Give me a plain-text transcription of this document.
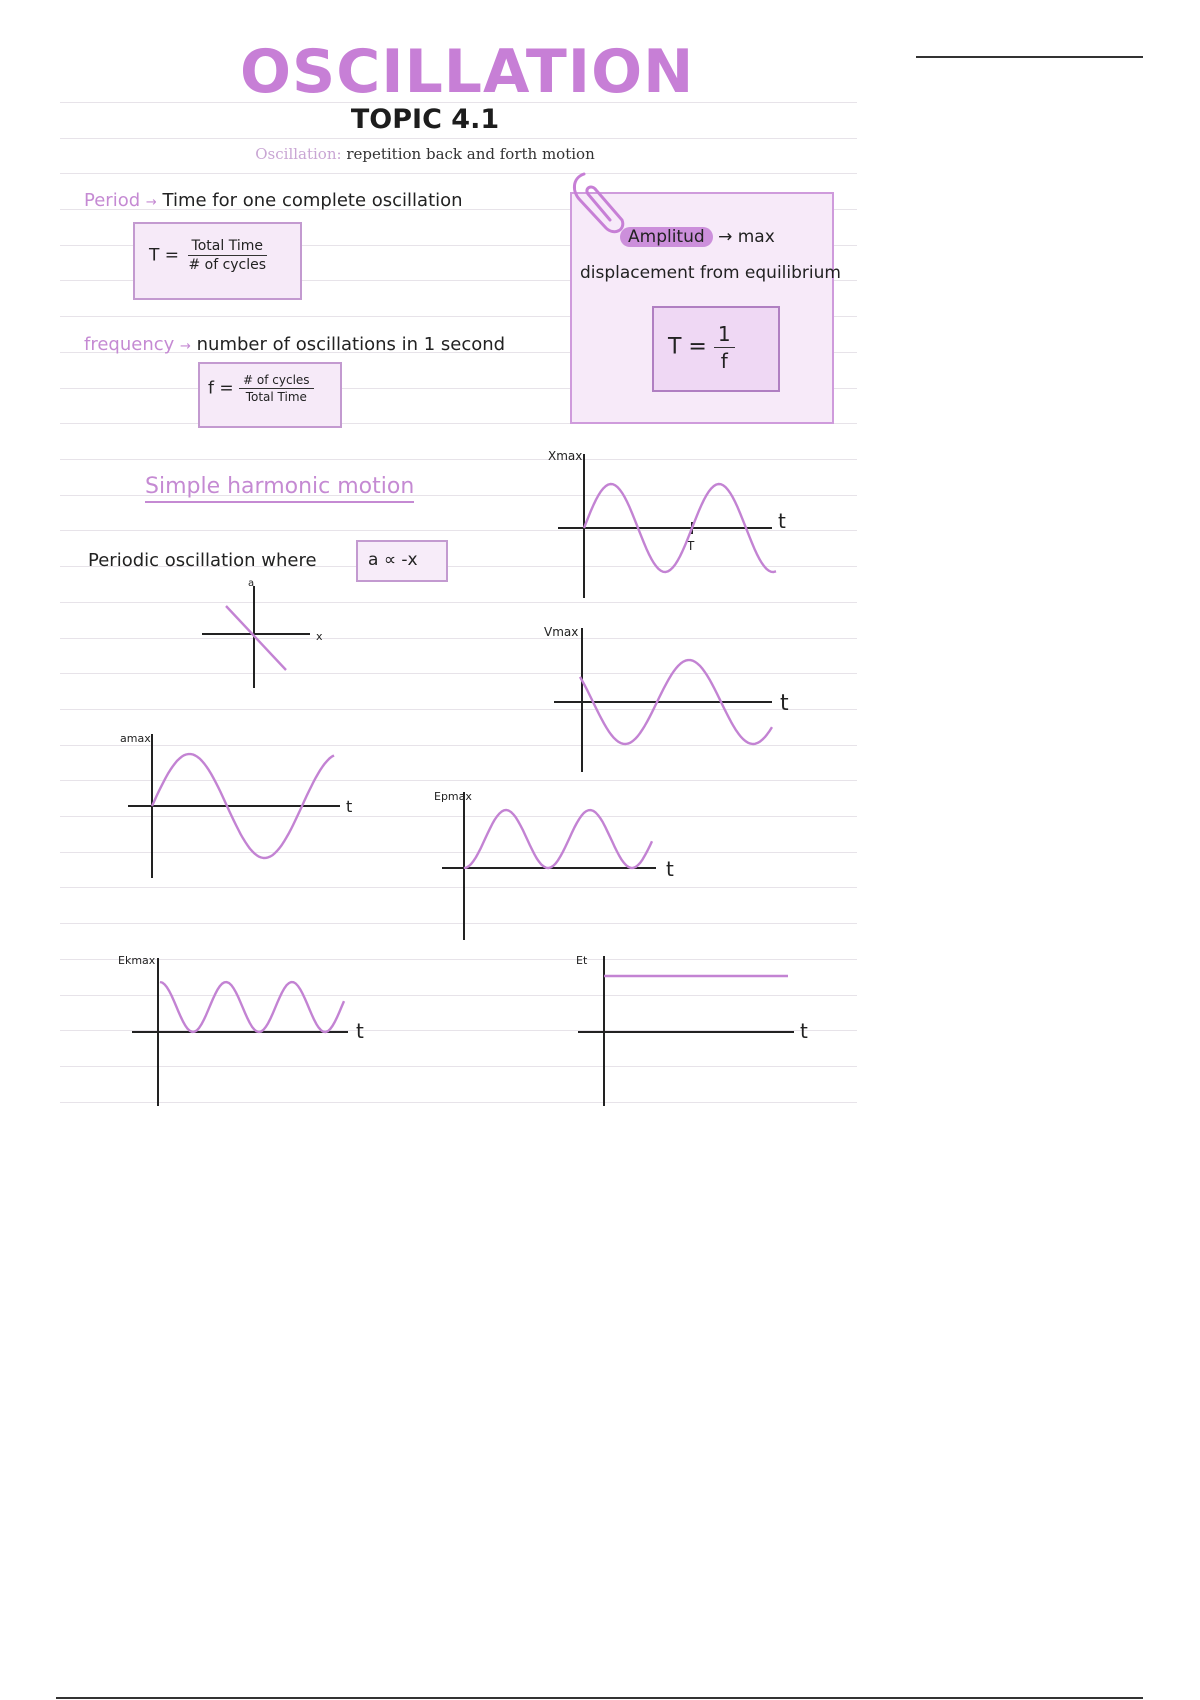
OSCILLATION
TOPIC 4.1
Oscillation: repetition back and forth motion
Period → Time for one complete oscillation
$T = \frac{\text{Total Time}}{\text{\# of cycles}}$
frequency → number of oscillations in 1 second
$f = \frac{\text{\# of cycles}}{\text{Total Time}}$
Amplitud → max
displacement from equilibrium
$T = \frac{1}{f}$
Simple harmonic motion
Periodic oscillation where	a ∝ -x
x
a
Xmax
t
T
Vmax
t
amax
t
Epmax
t
Ekmax
t
Et
t
